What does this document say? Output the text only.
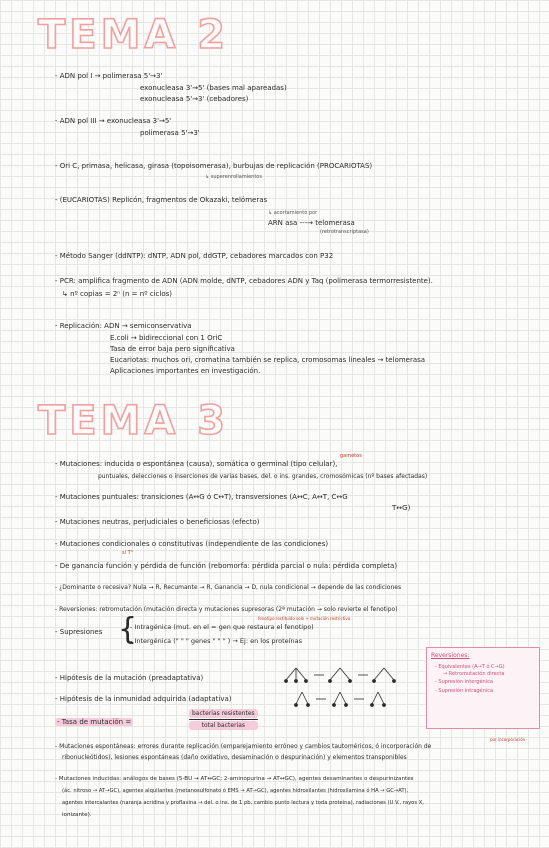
TEMA 2
- ADN pol I → polimerasa 5'→3'
exonucleasa 3'→5' (bases mal apareadas)
exonucleasa 5'→3' (cebadores)
- ADN pol III → exonucleasa 3'→5'
polimerasa 5'→3'
- Ori C, primasa, helicasa, girasa (topoisomerasa), burbujas de replicación (PROCARIOTAS)
↳ superenrollamientos
- (EUCARIOTAS) Replicón, fragmentos de Okazaki, telómeras
↳ acortamiento por
ARN asa ---→ telomerasa
(retrotranscriptasa)
- Método Sanger (ddNTP): dNTP, ADN pol, ddGTP, cebadores marcados con P32
- PCR: amplifica fragmento de ADN (ADN molde, dNTP, cebadores ADN y Taq (polimerasa termorresistente).
↳ nº copias = 2ⁿ (n = nº ciclos)
- Replicación: ADN → semiconservativa
E.coli → bidireccional con 1 OriC
Tasa de error baja pero significativa
Eucariotas: muchos ori, cromatina también se replica, cromosomas lineales → telomerasa
Aplicaciones importantes en investigación.
TEMA 3
gametos
- Mutaciones: inducida o espontánea (causa), somática o germinal (tipo celular),
puntuales, delecciones o inserciones de varias bases, del. o ins. grandes, cromosómicas (nº bases afectadas)
- Mutaciones puntuales: transiciones (A↔G ó C↔T), transversiones (A↔C, A↔T, C↔G
T↔G)
- Mutaciones neutras, perjudiciales o beneficiosas (efecto)
- Mutaciones condicionales o constitutivas (independiente de las condiciones)
sí T°
- De ganancia función y pérdida de función (rebomorfa: pérdida parcial o nula: pérdida completa)
- ¿Dominante o recesiva? Nula → R, Recumante → R, Ganancia → D, nula condicional → depende de las condiciones
- Reversiones: retromutación (mutación directa y mutaciones supresoras (2ª mutación → solo revierte el fenotipo)
fenotipo restituido solo + mutación restrictiva
- Supresiones {
- Intragénica (mut. en el = gen que restaura el fenotipo)
- Intergénica (" " " genes " " " ) → Ej: en los proteínas
Reversiones:
- Equivalentes (A→T ó C→G)
→ Retromutación directa
- Supresión intergénica
- Supresión intragénica
- Hipótesis de la mutación (preadaptativa)
- Hipótesis de la inmunidad adquirida (adaptativa)
- Tasa de mutación =
bacterias resistentes
total bacterias
- Mutaciones espontáneas: errores durante replicación (emparejamiento erróneo y cambios tautoméricos, ó incorporación de
ribonucleótidos), lesiones espontáneas (daño oxidativo, desaminación o despurinación) y elementos transponibles
por incorporación
- Mutaciones inducidas: análogos de bases (5-BU → AT↔GC; 2-aminopurina → AT↔GC), agentes desaminantes o despurinizantes
(ác. nitroso → AT→GC), agentes alquilantes (metanosulfonato ó EMS → AT→GC), agentes hidroxilantes (hidroxilamina ó HA → GC→AT),
agentes intercalantes (naranja acridina y proflavina → del. o ins. de 1 pb, cambio punto lectura y toda proteína), radiaciones (U.V., rayos X,
ionizante).
